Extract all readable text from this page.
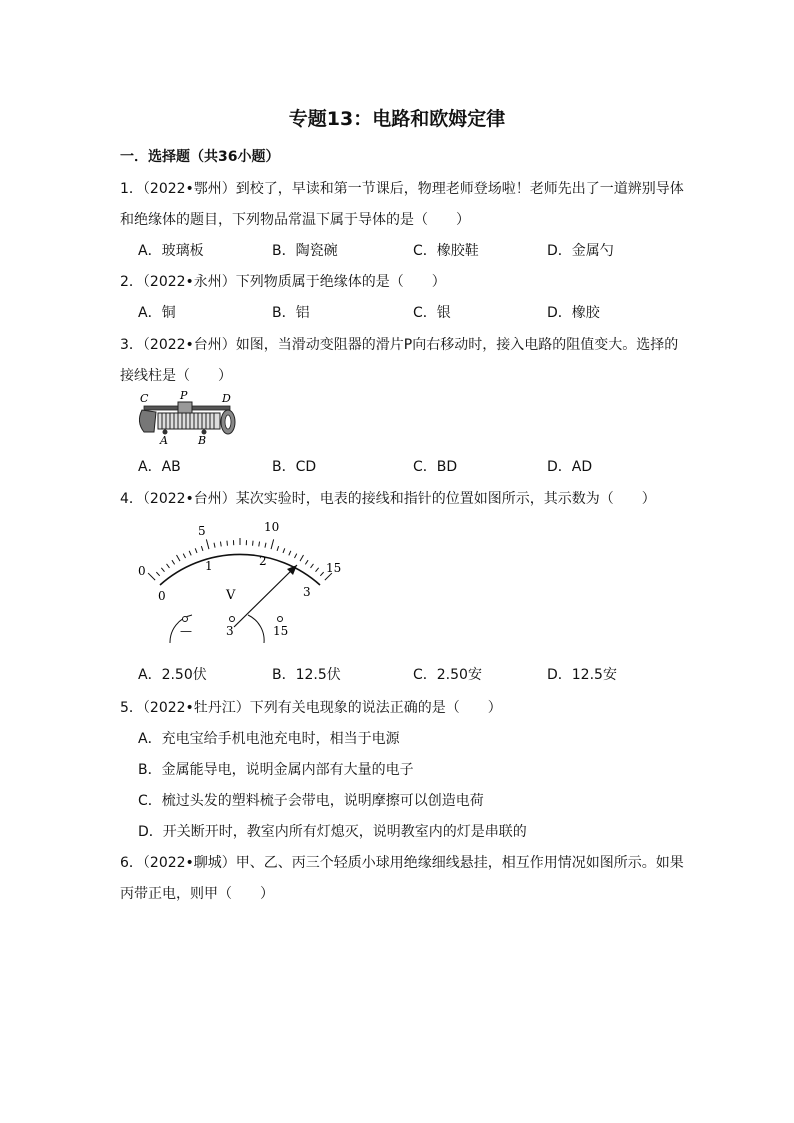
专题13：电路和欧姆定律
一．选择题（共36小题）
1．（2022•鄂州）到校了，早读和第一节课后，物理老师登场啦！老师先出了一道辨别导体
和绝缘体的题目，下列物品常温下属于导体的是（　　）
A．玻璃板	B．陶瓷碗	C．橡胶鞋	D．金属勺
2．（2022•永州）下列物质属于绝缘体的是（　　）
A．铜	B．铝	C．银	D．橡胶
3．（2022•台州）如图，当滑动变阻器的滑片P向右移动时，接入电路的阻值变大。选择的
接线柱是（　　）
C	P	D
A	B
A．AB	B．CD	C．BD	D．AD
4．（2022•台州）某次实验时，电表的接线和指针的位置如图所示，其示数为（　　）
0
5	10
15
0
1	2
3
V
—	3	15
A．2.50伏	B．12.5伏	C．2.50安	D．12.5安
5．（2022•牡丹江）下列有关电现象的说法正确的是（　　）
A．充电宝给手机电池充电时，相当于电源
B．金属能导电，说明金属内部有大量的电子
C．梳过头发的塑料梳子会带电，说明摩擦可以创造电荷
D．开关断开时，教室内所有灯熄灭，说明教室内的灯是串联的
6．（2022•聊城）甲、乙、丙三个轻质小球用绝缘细线悬挂，相互作用情况如图所示。如果
丙带正电，则甲（　　）
